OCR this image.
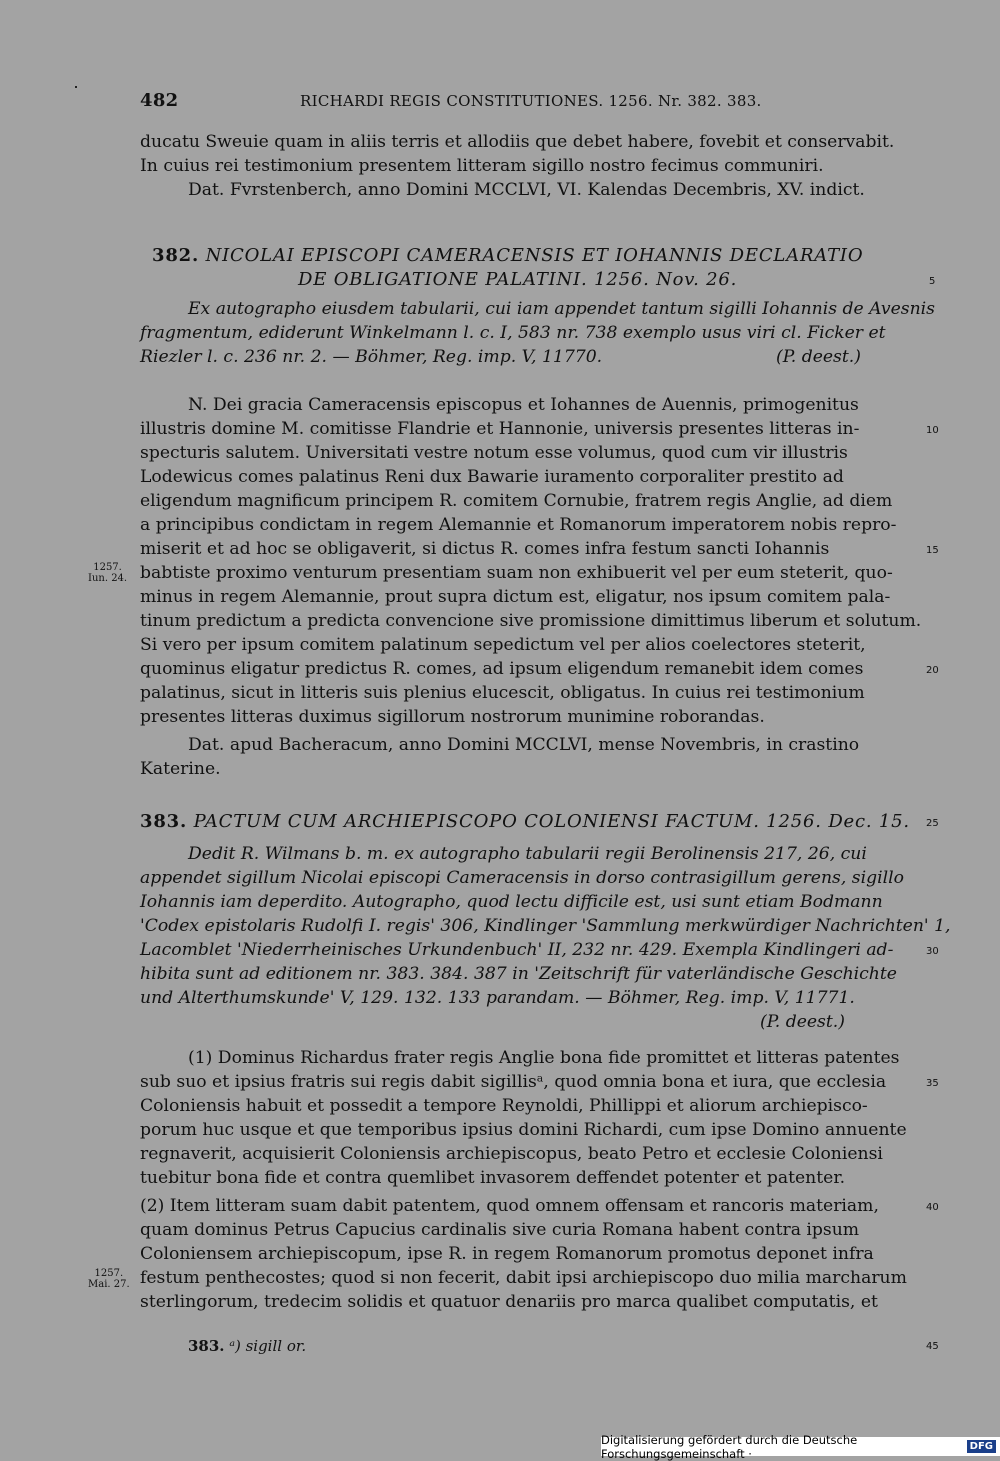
482	RICHARDI REGIS CONSTITUTIONES. 1256. Nr. 382. 383.
ducatu Sweuie quam in aliis terris et allodiis que debet habere, fovebit et conservabit.
In cuius rei testimonium presentem litteram sigillo nostro fecimus communiri.
Dat. Fvrstenberch, anno Domini MCCLVI, VI. Kalendas Decembris, XV. indict.
382. NICOLAI EPISCOPI CAMERACENSIS ET IOHANNIS DECLARATIO
DE OBLIGATIONE PALATINI. 1256. Nov. 26.	5
Ex autographo eiusdem tabularii, cui iam appendet tantum sigilli Iohannis de Avesnis
fragmentum, ediderunt Winkelmann l. c. I, 583 nr. 738 exemplo usus viri cl. Ficker et
Riezler l. c. 236 nr. 2. — Böhmer, Reg. imp. V, 11770.	(P. deest.)
N. Dei gracia Cameracensis episcopus et Iohannes de Auennis, primogenitus
illustris domine M. comitisse Flandrie et Hannonie, universis presentes litteras in-	10
specturis salutem. Universitati vestre notum esse volumus, quod cum vir illustris
Lodewicus comes palatinus Reni dux Bawarie iuramento corporaliter prestito ad
eligendum magnificum principem R. comitem Cornubie, fratrem regis Anglie, ad diem
a principibus condictam in regem Alemannie et Romanorum imperatorem nobis repro-
miserit et ad hoc se obligaverit, si dictus R. comes infra festum sancti Iohannis	15
1257.
Iun. 24. babtiste proximo venturum presentiam suam non exhibuerit vel per eum steterit, quo-
minus in regem Alemannie, prout supra dictum est, eligatur, nos ipsum comitem pala-
tinum predictum a predicta convencione sive promissione dimittimus liberum et solutum.
Si vero per ipsum comitem palatinum sepedictum vel per alios coelectores steterit,
quominus eligatur predictus R. comes, ad ipsum eligendum remanebit idem comes	20
palatinus, sicut in litteris suis plenius elucescit, obligatus. In cuius rei testimonium
presentes litteras duximus sigillorum nostrorum munimine roborandas.
Dat. apud Bacheracum, anno Domini MCCLVI, mense Novembris, in crastino
Katerine.
383. PACTUM CUM ARCHIEPISCOPO COLONIENSI FACTUM. 1256. Dec. 15. 25
Dedit R. Wilmans b. m. ex autographo tabularii regii Berolinensis 217, 26, cui
appendet sigillum Nicolai episcopi Cameracensis in dorso contrasigillum gerens, sigillo
Iohannis iam deperdito. Autographo, quod lectu difficile est, usi sunt etiam Bodmann
'Codex epistolaris Rudolfi I. regis' 306, Kindlinger 'Sammlung merkwürdiger Nachrichten' 1,
Lacomblet 'Niederrheinisches Urkundenbuch' II, 232 nr. 429. Exempla Kindlingeri ad-	30
hibita sunt ad editionem nr. 383. 384. 387 in 'Zeitschrift für vaterländische Geschichte
und Alterthumskunde' V, 129. 132. 133 parandam. — Böhmer, Reg. imp. V, 11771.
(P. deest.)
(1) Dominus Richardus frater regis Anglie bona fide promittet et litteras patentes
sub suo et ipsius fratris sui regis dabit sigillisᵃ, quod omnia bona et iura, que ecclesia	35
Coloniensis habuit et possedit a tempore Reynoldi, Phillippi et aliorum archiepisco-
porum huc usque et que temporibus ipsius domini Richardi, cum ipse Domino annuente
regnaverit, acquisierit Coloniensis archiepiscopus, beato Petro et ecclesie Coloniensi
tuebitur bona fide et contra quemlibet invasorem deffendet potenter et patenter.
(2) Item litteram suam dabit patentem, quod omnem offensam et rancoris materiam,	40
quam dominus Petrus Capucius cardinalis sive curia Romana habent contra ipsum
Coloniensem archiepiscopum, ipse R. in regem Romanorum promotus deponet infra
1257.
Mai. 27. festum penthecostes; quod si non fecerit, dabit ipsi archiepiscopo duo milia marcharum
sterlingorum, tredecim solidis et quatuor denariis pro marca qualibet computatis, et
383. ᵃ) sigill or.	45
Digitalisierung gefördert durch die Deutsche Forschungsgemeinschaft ·	DFG
